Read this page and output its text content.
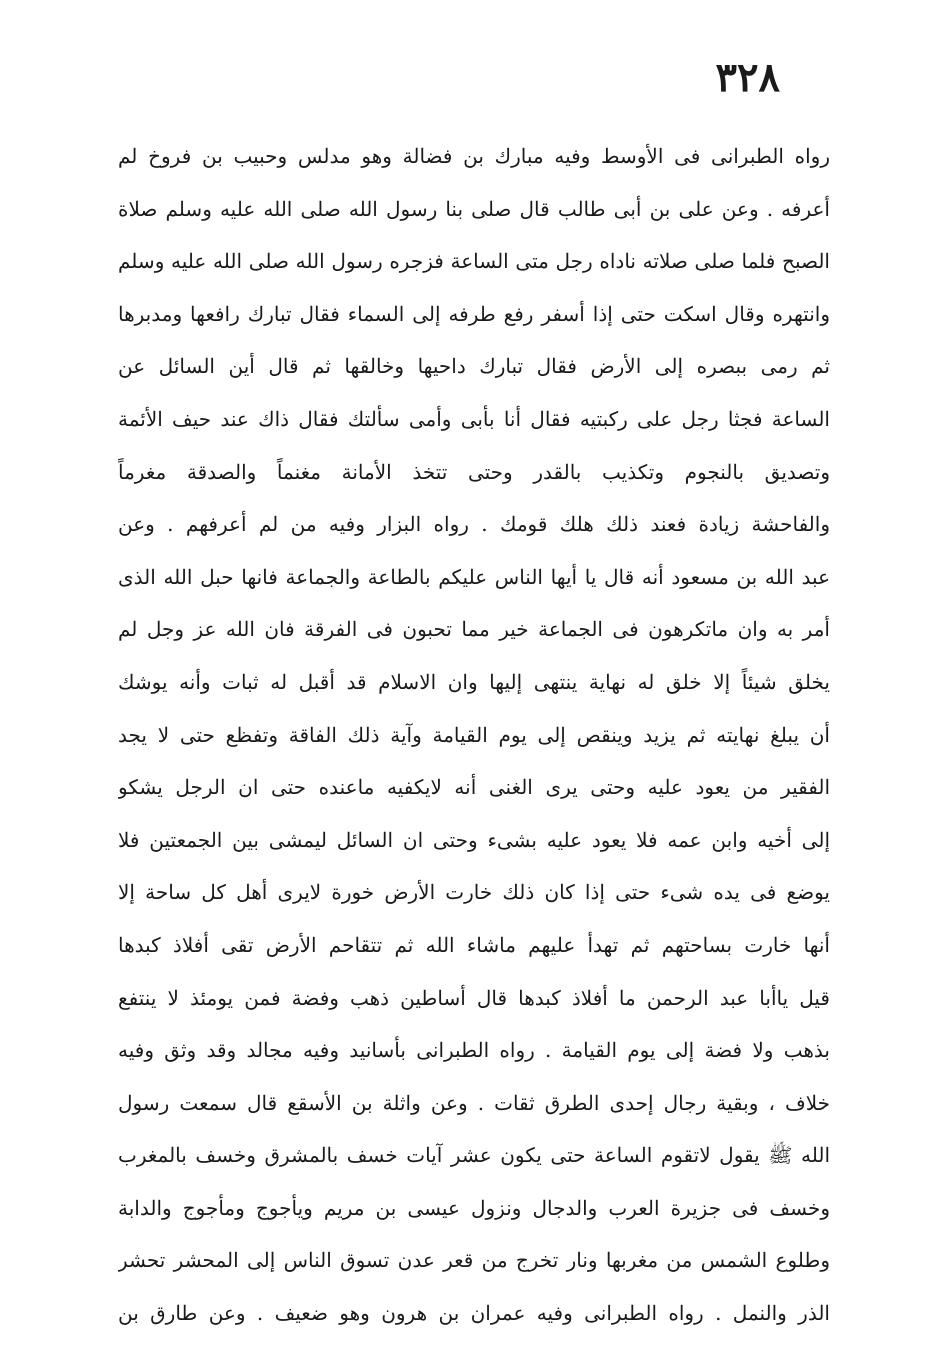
٣٢٨
رواه الطبرانى فى الأوسط وفيه مبارك بن فضالة وهو مدلس وحبيب بن فروخ لم
أعرفه . وعن على بن أبى طالب قال صلى بنا رسول الله صلى الله عليه وسلم صلاة
الصبح فلما صلى صلاته ناداه رجل متى الساعة فزجره رسول الله صلى الله عليه وسلم
وانتهره وقال اسكت حتى إذا أسفر رفع طرفه إلى السماء فقال تبارك رافعها ومدبرها
ثم رمى ببصره إلى الأرض فقال تبارك داحيها وخالقها ثم قال أين السائل عن
الساعة فجثا رجل على ركبتيه فقال أنا بأبى وأمى سألتك فقال ذاك عند حيف الأئمة
وتصديق بالنجوم وتكذيب بالقدر وحتى تتخذ الأمانة مغنماً والصدقة مغرماً
والفاحشة زيادة فعند ذلك هلك قومك . رواه البزار وفيه من لم أعرفهم . وعن
عبد الله بن مسعود أنه قال يا أيها الناس عليكم بالطاعة والجماعة فانها حبل الله الذى
أمر به وان ماتكرهون فى الجماعة خير مما تحبون فى الفرقة فان الله عز وجل لم
يخلق شيئاً إلا خلق له نهاية ينتهى إليها وان الاسلام قد أقبل له ثبات وأنه يوشك
أن يبلغ نهايته ثم يزيد وينقص إلى يوم القيامة وآية ذلك الفاقة وتفظع حتى لا يجد
الفقير من يعود عليه وحتى يرى الغنى أنه لايكفيه ماعنده حتى ان الرجل يشكو
إلى أخيه وابن عمه فلا يعود عليه بشىء وحتى ان السائل ليمشى بين الجمعتين فلا
يوضع فى يده شىء حتى إذا كان ذلك خارت الأرض خورة لايرى أهل كل ساحة إلا
أنها خارت بساحتهم ثم تهدأ عليهم ماشاء الله ثم تتقاحم الأرض تقى أفلاذ كبدها
قيل ياأبا عبد الرحمن ما أفلاذ كبدها قال أساطين ذهب وفضة فمن يومئذ لا ينتفع
بذهب ولا فضة إلى يوم القيامة . رواه الطبرانى بأسانيد وفيه مجالد وقد وثق وفيه
خلاف ، وبقية رجال إحدى الطرق ثقات . وعن واثلة بن الأسقع قال سمعت رسول
الله ﷺ يقول لاتقوم الساعة حتى يكون عشر آيات خسف بالمشرق وخسف بالمغرب
وخسف فى جزيرة العرب والدجال ونزول عيسى بن مريم ويأجوج ومأجوج والدابة
وطلوع الشمس من مغربها ونار تخرج من قعر عدن تسوق الناس إلى المحشر تحشر
الذر والنمل . رواه الطبرانى وفيه عمران بن هرون وهو ضعيف . وعن طارق بن
